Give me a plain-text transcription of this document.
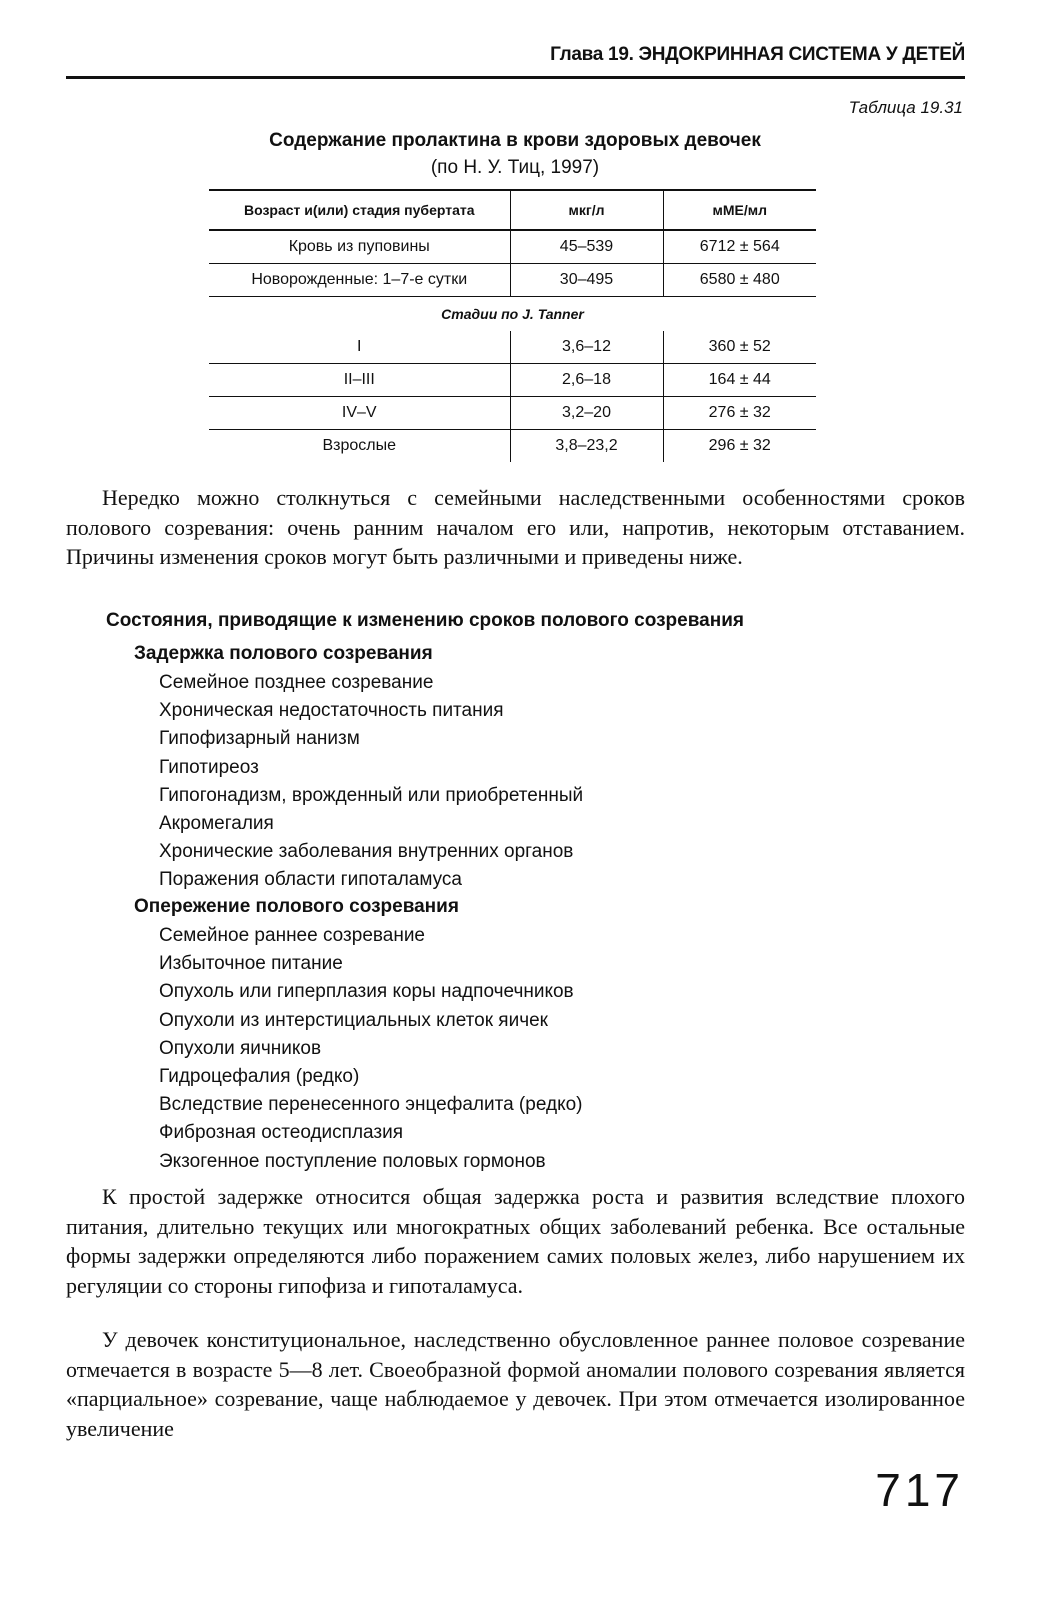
Глава 19. ЭНДОКРИННАЯ СИСТЕМА У ДЕТЕЙ
Таблица 19.31
Содержание пролактина в крови здоровых девочек
(по Н. У. Тиц, 1997)
Возраст и(или) стадия пубертата	мкг/л	мМЕ/мл
Кровь из пуповины	45–539	6712 ± 564
Новорожденные: 1–7-е сутки	30–495	6580 ± 480
Стадии по J. Tanner		
I	3,6–12	360 ± 52
II–III	2,6–18	164 ± 44
IV–V	3,2–20	276 ± 32
Взрослые	3,8–23,2	296 ± 32

Нередко можно столкнуться с семейными наследственными особенностями сроков полового созревания: очень ранним началом его или, напротив, некоторым отставанием. Причины изменения сроков могут быть различными и приведены ниже.

Состояния, приводящие к изменению сроков полового созревания
Задержка полового созревания
Семейное позднее созревание
Хроническая недостаточность питания
Гипофизарный нанизм
Гипотиреоз
Гипогонадизм, врожденный или приобретенный
Акромегалия
Хронические заболевания внутренних органов
Поражения области гипоталамуса
Опережение полового созревания
Семейное раннее созревание
Избыточное питание
Опухоль или гиперплазия коры надпочечников
Опухоли из интерстициальных клеток яичек
Опухоли яичников
Гидроцефалия (редко)
Вследствие перенесенного энцефалита (редко)
Фиброзная остеодисплазия
Экзогенное поступление половых гормонов

К простой задержке относится общая задержка роста и развития вследствие плохого питания, длительно текущих или многократных общих заболеваний ребенка. Все остальные формы задержки определяются либо поражением самих половых желез, либо нарушением их регуляции со стороны гипофиза и гипоталамуса.

У девочек конституциональное, наследственно обусловленное раннее половое созревание отмечается в возрасте 5—8 лет. Своеобразной формой аномалии полового созревания является «парциальное» созревание, чаще наблюдаемое у девочек. При этом отмечается изолированное увеличение

717
